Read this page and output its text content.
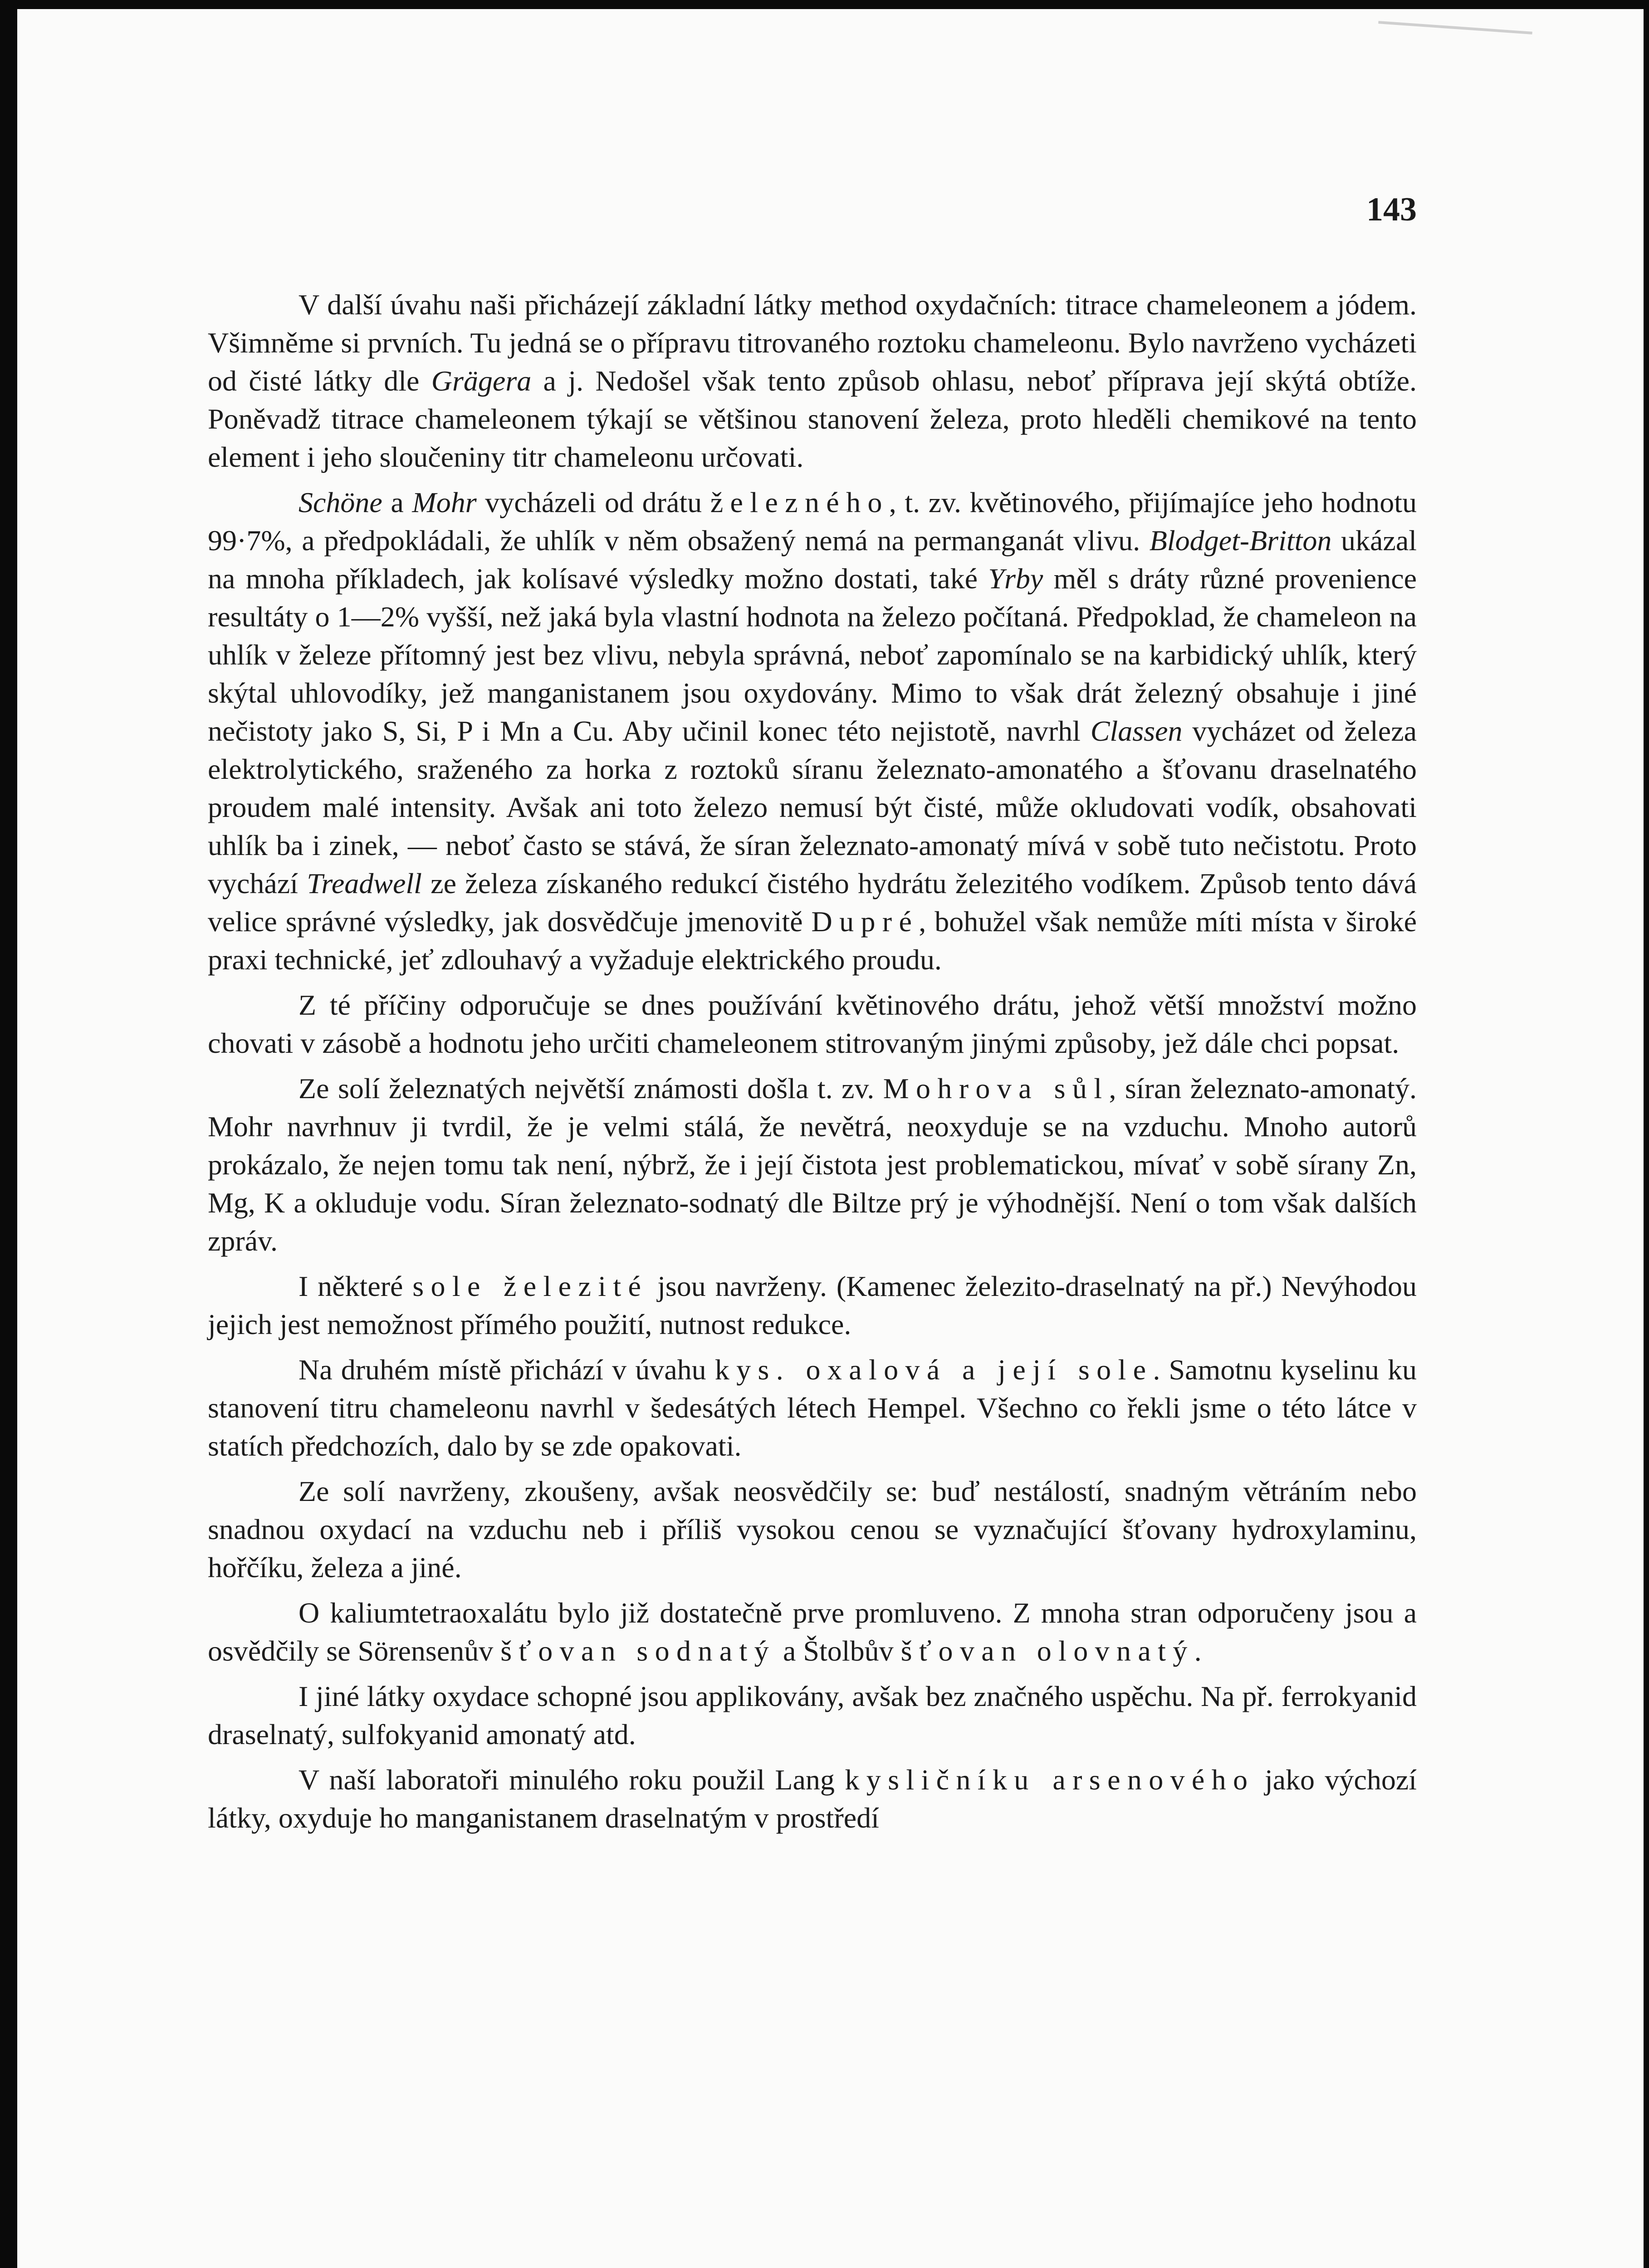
143

V další úvahu naši přicházejí základní látky method oxydačních: titrace chameleonem a jódem. Všimněme si prvních. Tu jedná se o přípravu titrovaného roztoku chameleonu. Bylo navrženo vycházeti od čisté látky dle Grägera a j. Nedošel však tento způsob ohlasu, neboť příprava její skýtá obtíže. Poněvadž titrace chameleonem týkají se většinou stanovení železa, proto hleděli chemikové na tento element i jeho sloučeniny titr chameleonu určovati.

Schöne a Mohr vycházeli od drátu železného, t. zv. květinového, přijímajíce jeho hodnotu 99·7%, a předpokládali, že uhlík v něm obsažený nemá na permanganát vlivu. Blodget-Britton ukázal na mnoha příkladech, jak kolísavé výsledky možno dostati, také Yrby měl s dráty různé provenience resultáty o 1—2% vyšší, než jaká byla vlastní hodnota na železo počítaná. Předpoklad, že chameleon na uhlík v železe přítomný jest bez vlivu, nebyla správná, neboť zapomínalo se na karbidický uhlík, který skýtal uhlovodíky, jež manganistanem jsou oxydovány. Mimo to však drát železný obsahuje i jiné nečistoty jako S, Si, P i Mn a Cu. Aby učinil konec této nejistotě, navrhl Classen vycházet od železa elektrolytického, sraženého za horka z roztoků síranu železnato-amonatého a šťovanu draselnatého proudem malé intensity. Avšak ani toto železo nemusí být čisté, může okludovati vodík, obsahovati uhlík ba i zinek, — neboť často se stává, že síran železnato-amonatý mívá v sobě tuto nečistotu. Proto vychází Treadwell ze železa získaného redukcí čistého hydrátu železitého vodíkem. Způsob tento dává velice správné výsledky, jak dosvědčuje jmenovitě Dupré, bohužel však nemůže míti místa v široké praxi technické, jeť zdlouhavý a vyžaduje elektrického proudu.

Z té příčiny odporučuje se dnes používání květinového drátu, jehož větší množství možno chovati v zásobě a hodnotu jeho určiti chameleonem stitrovaným jinými způsoby, jež dále chci popsat.

Ze solí železnatých největší známosti došla t. zv. Mohrova sůl, síran železnato-amonatý. Mohr navrhnuv ji tvrdil, že je velmi stálá, že nevětrá, neoxyduje se na vzduchu. Mnoho autorů prokázalo, že nejen tomu tak není, nýbrž, že i její čistota jest problematickou, mívať v sobě sírany Zn, Mg, K a okluduje vodu. Síran železnato-sodnatý dle Biltze prý je výhodnější. Není o tom však dalších zpráv.

I některé sole železité jsou navrženy. (Kamenec železito-draselnatý na př.) Nevýhodou jejich jest nemožnost přímého použití, nutnost redukce.

Na druhém místě přichází v úvahu kys. oxalová a její sole. Samotnu kyselinu ku stanovení titru chameleonu navrhl v šedesátých létech Hempel. Všechno co řekli jsme o této látce v statích předchozích, dalo by se zde opakovati.

Ze solí navrženy, zkoušeny, avšak neosvědčily se: buď nestálostí, snadným větráním nebo snadnou oxydací na vzduchu neb i příliš vysokou cenou se vyznačující šťovany hydroxylaminu, hořčíku, železa a jiné.

O kaliumtetraoxalátu bylo již dostatečně prve promluveno. Z mnoha stran odporučeny jsou a osvědčily se Sörensenův šťovan sodnatý a Štolbův šťovan olovnatý.

I jiné látky oxydace schopné jsou applikovány, avšak bez značného uspěchu. Na př. ferrokyanid draselnatý, sulfokyanid amonatý atd.

V naší laboratoři minulého roku použil Lang kysličníku arsenového jako výchozí látky, oxyduje ho manganistanem draselnatým v prostředí
